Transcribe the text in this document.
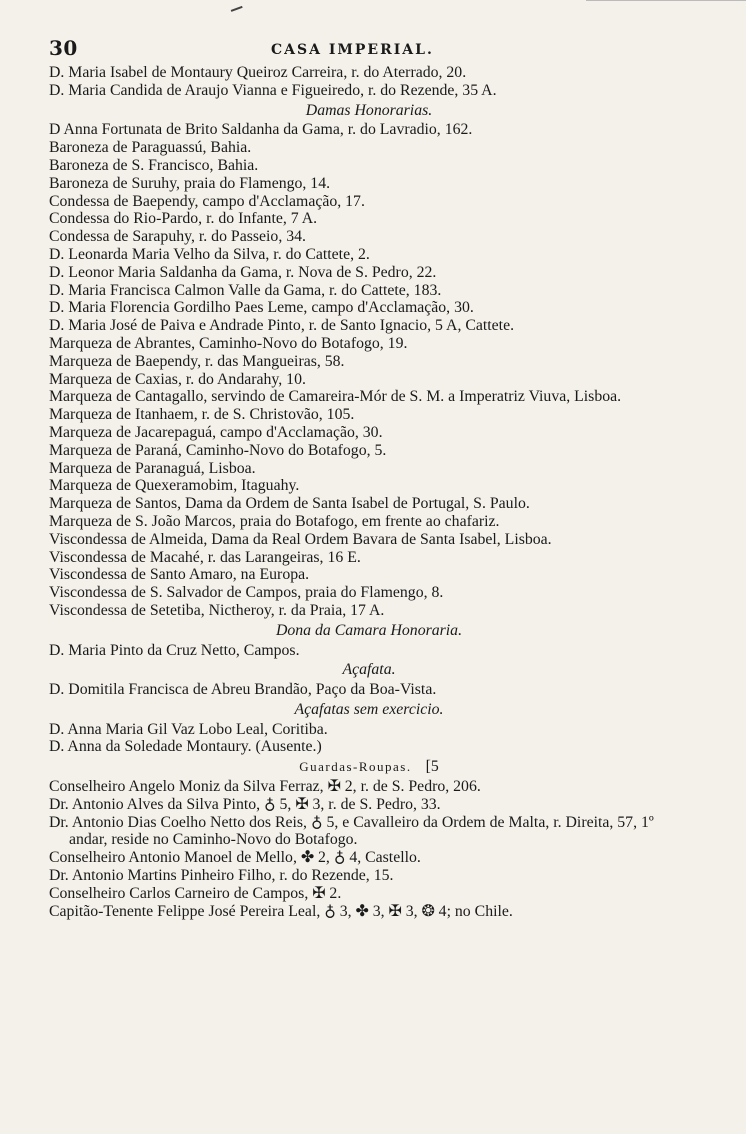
30	CASA IMPERIAL.
D. Maria Isabel de Montaury Queiroz Carreira, r. do Aterrado, 20.
D. Maria Candida de Araujo Vianna e Figueiredo, r. do Rezende, 35 A.
Damas Honorarias.
D Anna Fortunata de Brito Saldanha da Gama, r. do Lavradio, 162.
Baroneza de Paraguassú, Bahia.
Baroneza de S. Francisco, Bahia.
Baroneza de Suruhy, praia do Flamengo, 14.
Condessa de Baependy, campo d'Acclamação, 17.
Condessa do Rio-Pardo, r. do Infante, 7 A.
Condessa de Sarapuhy, r. do Passeio, 34.
D. Leonarda Maria Velho da Silva, r. do Cattete, 2.
D. Leonor Maria Saldanha da Gama, r. Nova de S. Pedro, 22.
D. Maria Francisca Calmon Valle da Gama, r. do Cattete, 183.
D. Maria Florencia Gordilho Paes Leme, campo d'Acclamação, 30.
D. Maria José de Paiva e Andrade Pinto, r. de Santo Ignacio, 5 A, Cattete.
Marqueza de Abrantes, Caminho-Novo do Botafogo, 19.
Marqueza de Baependy, r. das Mangueiras, 58.
Marqueza de Caxias, r. do Andarahy, 10.
Marqueza de Cantagallo, servindo de Camareira-Mór de S. M. a Imperatriz Viuva, Lisboa.
Marqueza de Itanhaem, r. de S. Christovão, 105.
Marqueza de Jacarepaguá, campo d'Acclamação, 30.
Marqueza de Paraná, Caminho-Novo do Botafogo, 5.
Marqueza de Paranaguá, Lisboa.
Marqueza de Quexeramobim, Itaguahy.
Marqueza de Santos, Dama da Ordem de Santa Isabel de Portugal, S. Paulo.
Marqueza de S. João Marcos, praia do Botafogo, em frente ao chafariz.
Viscondessa de Almeida, Dama da Real Ordem Bavara de Santa Isabel, Lisboa.
Viscondessa de Macahé, r. das Larangeiras, 16 E.
Viscondessa de Santo Amaro, na Europa.
Viscondessa de S. Salvador de Campos, praia do Flamengo, 8.
Viscondessa de Setetiba, Nictheroy, r. da Praia, 17 A.
Dona da Camara Honoraria.
D. Maria Pinto da Cruz Netto, Campos.
Açafata.
D. Domitila Francisca de Abreu Brandão, Paço da Boa-Vista.
Açafatas sem exercicio.
D. Anna Maria Gil Vaz Lobo Leal, Coritiba.
D. Anna da Soledade Montaury. (Ausente.)
Guardas-Roupas. [5
Conselheiro Angelo Moniz da Silva Ferraz, ✠ 2, r. de S. Pedro, 206.
Dr. Antonio Alves da Silva Pinto, ♁ 5, ✠ 3, r. de S. Pedro, 33.
Dr. Antonio Dias Coelho Netto dos Reis, ♁ 5, e Cavalleiro da Ordem de Malta, r. Direita, 57, 1º andar, reside no Caminho-Novo do Botafogo.
Conselheiro Antonio Manoel de Mello, ✤ 2, ♁ 4, Castello.
Dr. Antonio Martins Pinheiro Filho, r. do Rezende, 15.
Conselheiro Carlos Carneiro de Campos, ✠ 2.
Capitão-Tenente Felippe José Pereira Leal, ♁ 3, ✤ 3, ✠ 3, ❂ 4; no Chile.
